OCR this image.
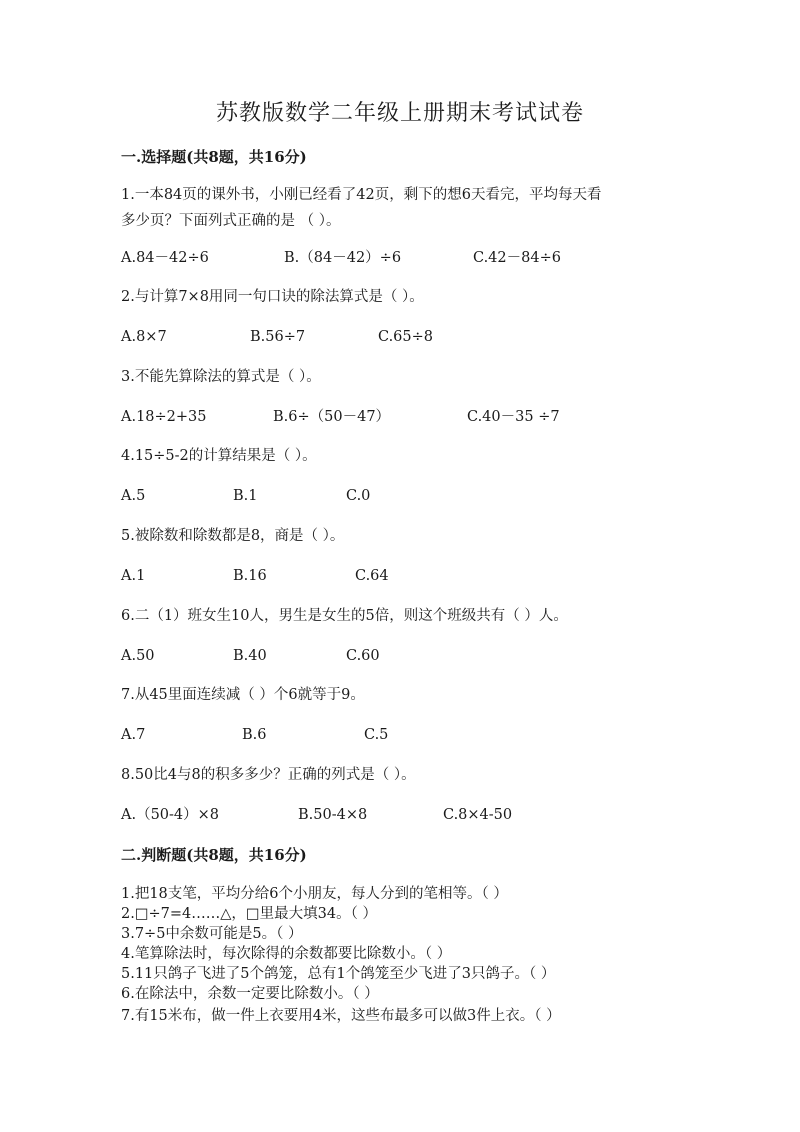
苏教版数学二年级上册期末考试试卷
一.选择题(共8题，共16分)
1.一本84页的课外书，小刚已经看了42页，剩下的想6天看完，平均每天看
多少页？下面列式正确的是 （ ）。
A.84－42÷6	B.（84－42）÷6	C.42－84÷6
2.与计算7×8用同一句口诀的除法算式是（ ）。
A.8×7	B.56÷7	C.65÷8
3.不能先算除法的算式是（ ）。
A.18÷2+35	B.6÷（50－47）	C.40－35 ÷7
4.15÷5-2的计算结果是（ ）。
A.5	B.1	C.0
5.被除数和除数都是8，商是（ ）。
A.1	B.16	C.64
6.二（1）班女生10人，男生是女生的5倍，则这个班级共有（ ）人。
A.50	B.40	C.60
7.从45里面连续减（ ）个6就等于9。
A.7	B.6	C.5
8.50比4与8的积多多少？正确的列式是（ ）。
A.（50-4）×8	B.50-4×8	C.8×4-50
二.判断题(共8题，共16分)
1.把18支笔，平均分给6个小朋友，每人分到的笔相等。（ ）
2.□÷7=4……△，□里最大填34。（ ）
3.7÷5中余数可能是5。（ ）
4.笔算除法时，每次除得的余数都要比除数小。（ ）
5.11只鸽子飞进了5个鸽笼，总有1个鸽笼至少飞进了3只鸽子。（ ）
6.在除法中，余数一定要比除数小。（ ）
7.有15米布，做一件上衣要用4米，这些布最多可以做3件上衣。（ ）
